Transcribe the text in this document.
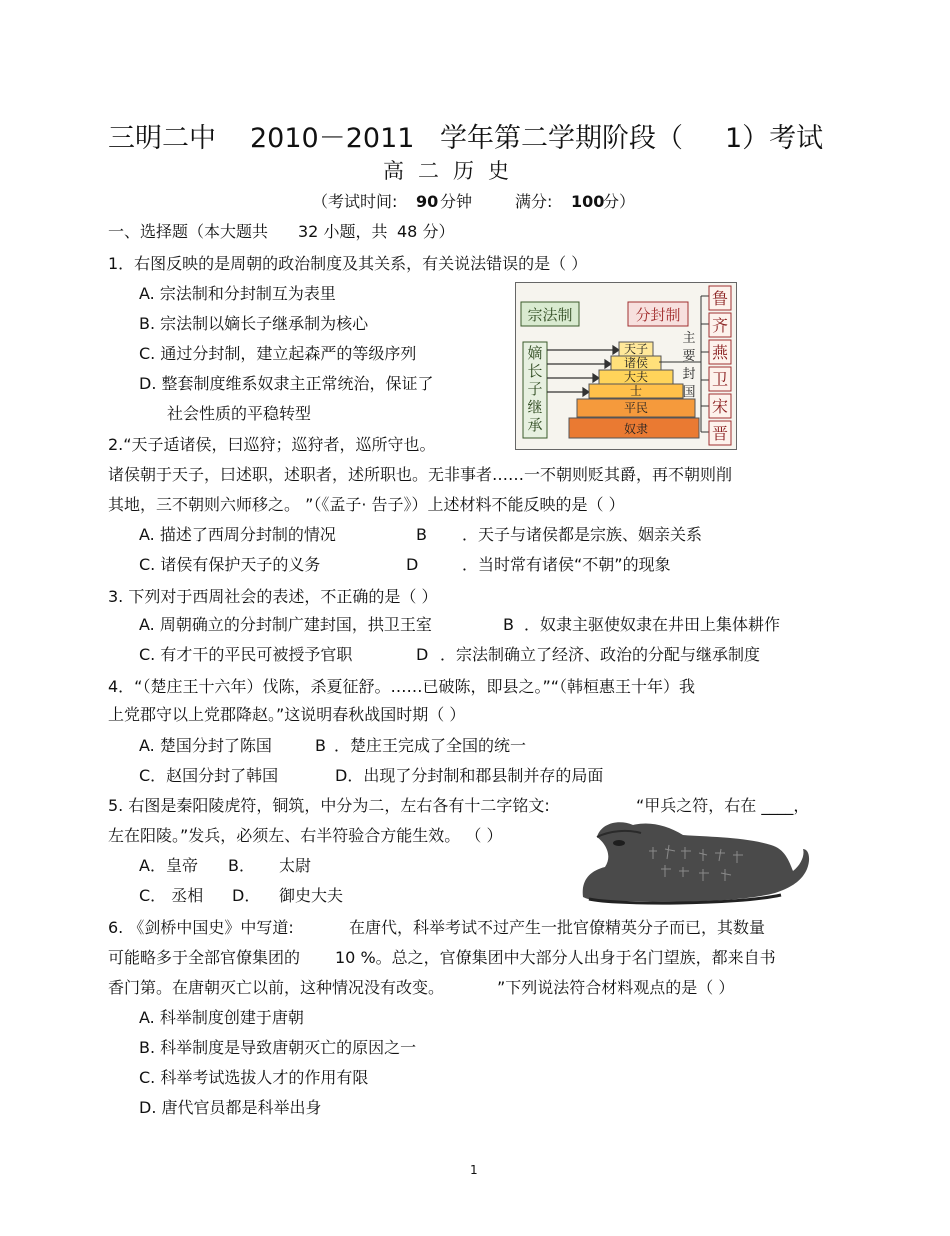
三明二中 2010－2011 学年第二学期阶段（ 1）考试
高二历史
（考试时间: 90 分钟	满分: 100
分）
一、选择题（本大题共 32 小题，共 48 分）
1．右图反映的是周朝的政治制度及其关系，有关说法错误的是（ ）
A. 宗法制和分封制互为表里
B. 宗法制以嫡长子继承制为核心
C. 通过分封制，建立起森严的等级序列
D. 整套制度维系奴隶主正常统治，保证了
社会性质的平稳转型
宗法制	分封制
嫡
长
子
继
承
天子
诸侯
大夫
士
平民
奴隶
主
要
封
国
鲁
齐
燕
卫
宋
晋
2.“天子适诸侯，曰巡狩；巡狩者，巡所守也。
诸侯朝于天子，曰述职，述职者，述所职也。无非事者……一不朝则贬其爵，再不朝则削
其地，三不朝则六师移之。 ”（《孟子· 告子》）上述材料不能反映的是（ ）
A. 描述了西周分封制的情况	B ．天子与诸侯都是宗族、姻亲关系
C. 诸侯有保护天子的义务	D	．当时常有诸侯“不朝”的现象
3. 下列对于西周社会的表述，不正确的是（ ）
A. 周朝确立的分封制广建封国，拱卫王室	B ．奴隶主驱使奴隶在井田上集体耕作
C. 有才干的平民可被授予官职	D ．宗法制确立了经济、政治的分配与继承制度
4．“（楚庄王十六年）伐陈，杀夏征舒。……已破陈，即县之。”“（韩桓惠王十年）我
上党郡守以上党郡降赵。”这说明春秋战国时期（ ）
A. 楚国分封了陈国	B ．楚庄王完成了全国的统一
C．赵国分封了韩国	D．出现了分封制和郡县制并存的局面
5. 右图是秦阳陵虎符，铜筑，中分为二，左右各有十二字铭文:	“甲兵之符，右在 ____，
左在阳陵。”发兵，必须左、右半符验合方能生效。 （ ）
A．皇帝 B． 太尉
C． 丞相 D． 御史大夫
6. 《剑桥中国史》中写道:	在唐代，科举考试不过产生一批官僚精英分子而已，其数量
可能略多于全部官僚集团的 10 %。总之，官僚集团中大部分人出身于名门望族，都来自书
香门第。在唐朝灭亡以前，这种情况没有改变。	”下列说法符合材料观点的是（ ）
A. 科举制度创建于唐朝
B. 科举制度是导致唐朝灭亡的原因之一
C. 科举考试选拔人才的作用有限
D. 唐代官员都是科举出身
1
